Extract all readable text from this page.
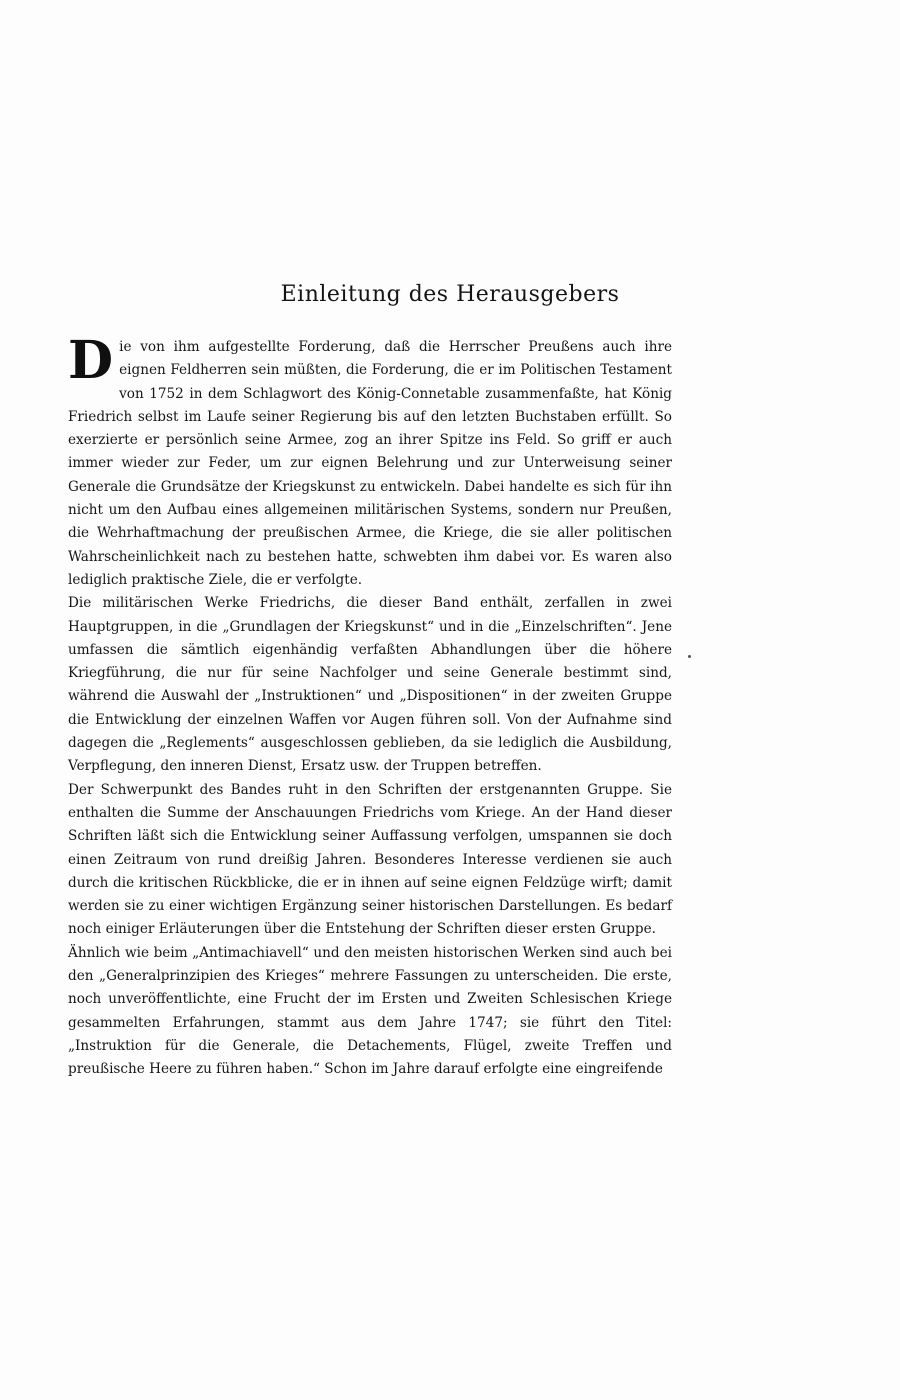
Einleitung des Herausgebers

Die von ihm aufgestellte Forderung, daß die Herrscher Preußens auch ihre eignen Feldherren sein müßten, die Forderung, die er im Politischen Testament von 1752 in dem Schlagwort des König-Connetable zusammenfaßte, hat König Friedrich selbst im Laufe seiner Regierung bis auf den letzten Buchstaben erfüllt. So exerzierte er persönlich seine Armee, zog an ihrer Spitze ins Feld. So griff er auch immer wieder zur Feder, um zur eignen Belehrung und zur Unterweisung seiner Generale die Grundsätze der Kriegskunst zu entwickeln. Dabei handelte es sich für ihn nicht um den Aufbau eines allgemeinen militärischen Systems, sondern nur Preußen, die Wehrhaftmachung der preußischen Armee, die Kriege, die sie aller politischen Wahrscheinlichkeit nach zu bestehen hatte, schwebten ihm dabei vor. Es waren also lediglich praktische Ziele, die er verfolgte.

Die militärischen Werke Friedrichs, die dieser Band enthält, zerfallen in zwei Hauptgruppen, in die „Grundlagen der Kriegskunst“ und in die „Einzelschriften“. Jene umfassen die sämtlich eigenhändig verfaßten Abhandlungen über die höhere Kriegführung, die nur für seine Nachfolger und seine Generale bestimmt sind, während die Auswahl der „Instruktionen“ und „Dispositionen“ in der zweiten Gruppe die Entwicklung der einzelnen Waffen vor Augen führen soll. Von der Aufnahme sind dagegen die „Reglements“ ausgeschlossen geblieben, da sie lediglich die Ausbildung, Verpflegung, den inneren Dienst, Ersatz usw. der Truppen betreffen.

Der Schwerpunkt des Bandes ruht in den Schriften der erstgenannten Gruppe. Sie enthalten die Summe der Anschauungen Friedrichs vom Kriege. An der Hand dieser Schriften läßt sich die Entwicklung seiner Auffassung verfolgen, umspannen sie doch einen Zeitraum von rund dreißig Jahren. Besonderes Interesse verdienen sie auch durch die kritischen Rückblicke, die er in ihnen auf seine eignen Feldzüge wirft; damit werden sie zu einer wichtigen Ergänzung seiner historischen Darstellungen. Es bedarf noch einiger Erläuterungen über die Entstehung der Schriften dieser ersten Gruppe.

Ähnlich wie beim „Antimachiavell“ und den meisten historischen Werken sind auch bei den „Generalprinzipien des Krieges“ mehrere Fassungen zu unterscheiden. Die erste, noch unveröffentlichte, eine Frucht der im Ersten und Zweiten Schlesischen Kriege gesammelten Erfahrungen, stammt aus dem Jahre 1747; sie führt den Titel: „Instruktion für die Generale, die Detachements, Flügel, zweite Treffen und preußische Heere zu führen haben.“ Schon im Jahre darauf erfolgte eine eingreifende
